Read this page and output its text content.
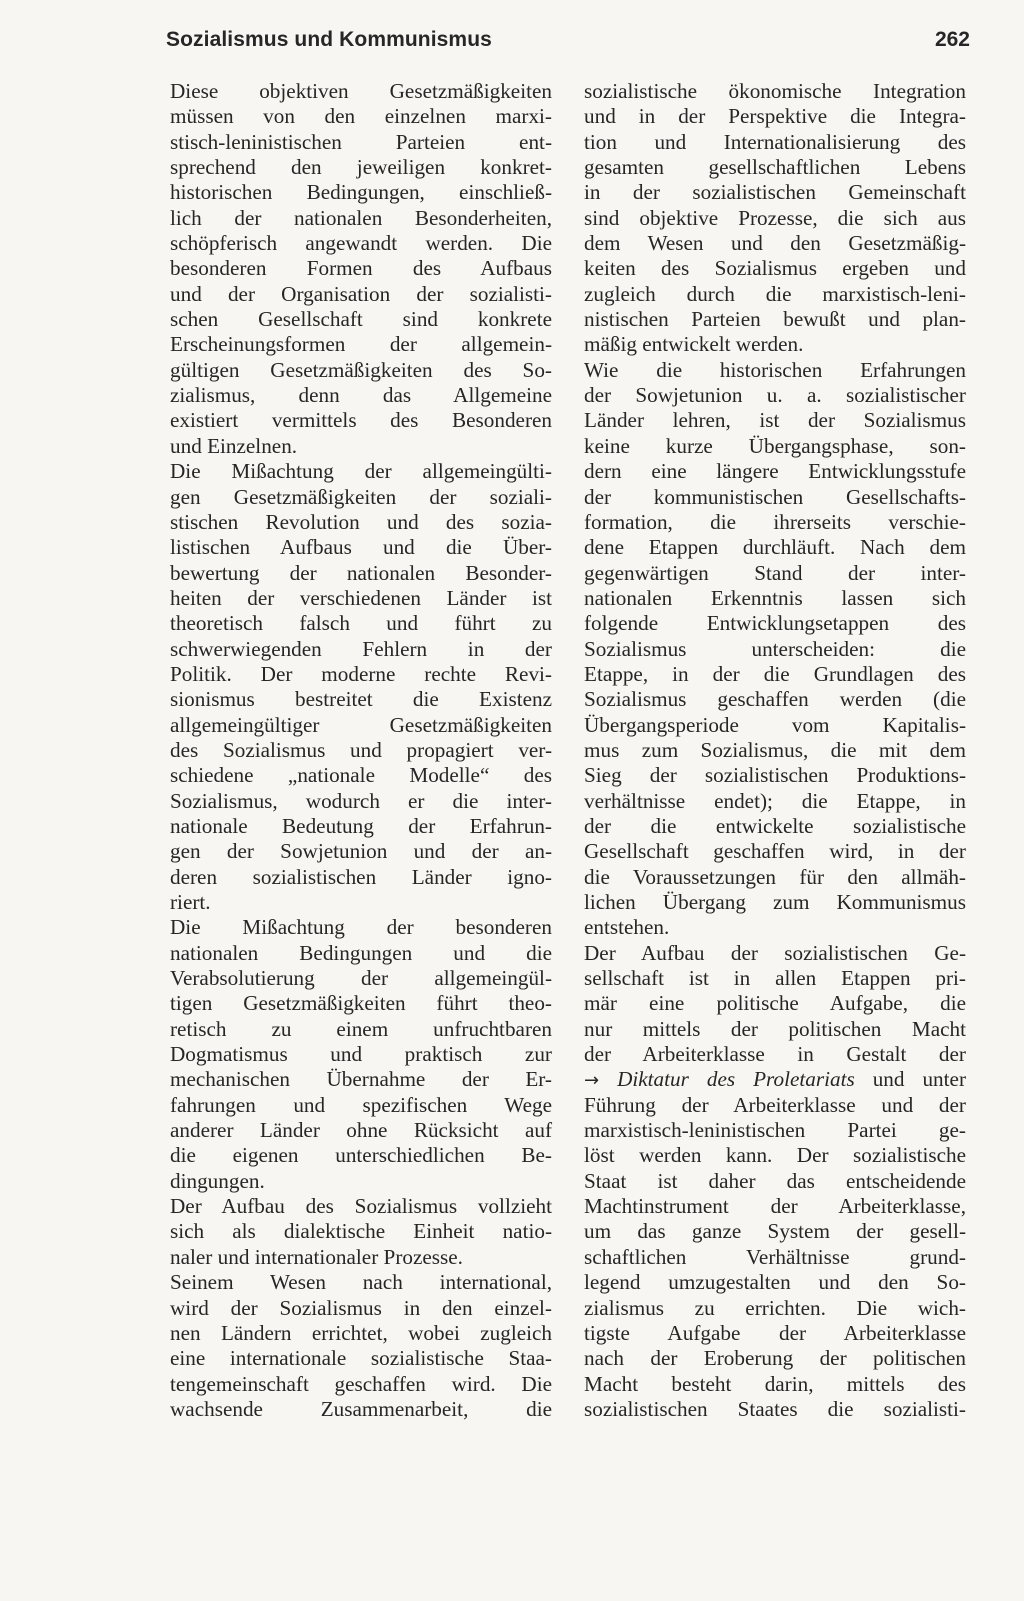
Sozialismus und Kommunismus	262
Diese objektiven Gesetzmäßigkeiten
müssen von den einzelnen marxi-
stisch-leninistischen Parteien ent-
sprechend den jeweiligen konkret-
historischen Bedingungen, einschließ-
lich der nationalen Besonderheiten,
schöpferisch angewandt werden. Die
besonderen Formen des Aufbaus
und der Organisation der sozialisti-
schen Gesellschaft sind konkrete
Erscheinungsformen der allgemein-
gültigen Gesetzmäßigkeiten des So-
zialismus, denn das Allgemeine
existiert vermittels des Besonderen
und Einzelnen.
Die Mißachtung der allgemeingülti-
gen Gesetzmäßigkeiten der soziali-
stischen Revolution und des sozia-
listischen Aufbaus und die Über-
bewertung der nationalen Besonder-
heiten der verschiedenen Länder ist
theoretisch falsch und führt zu
schwerwiegenden Fehlern in der
Politik. Der moderne rechte Revi-
sionismus bestreitet die Existenz
allgemeingültiger Gesetzmäßigkeiten
des Sozialismus und propagiert ver-
schiedene „nationale Modelle“ des
Sozialismus, wodurch er die inter-
nationale Bedeutung der Erfahrun-
gen der Sowjetunion und der an-
deren sozialistischen Länder igno-
riert.
Die Mißachtung der besonderen
nationalen Bedingungen und die
Verabsolutierung der allgemeingül-
tigen Gesetzmäßigkeiten führt theo-
retisch zu einem unfruchtbaren
Dogmatismus und praktisch zur
mechanischen Übernahme der Er-
fahrungen und spezifischen Wege
anderer Länder ohne Rücksicht auf
die eigenen unterschiedlichen Be-
dingungen.
Der Aufbau des Sozialismus vollzieht
sich als dialektische Einheit natio-
naler und internationaler Prozesse.
Seinem Wesen nach international,
wird der Sozialismus in den einzel-
nen Ländern errichtet, wobei zugleich
eine internationale sozialistische Staa-
tengemeinschaft geschaffen wird. Die
wachsende Zusammenarbeit, die
sozialistische ökonomische Integration
und in der Perspektive die Integra-
tion und Internationalisierung des
gesamten gesellschaftlichen Lebens
in der sozialistischen Gemeinschaft
sind objektive Prozesse, die sich aus
dem Wesen und den Gesetzmäßig-
keiten des Sozialismus ergeben und
zugleich durch die marxistisch-leni-
nistischen Parteien bewußt und plan-
mäßig entwickelt werden.
Wie die historischen Erfahrungen
der Sowjetunion u. a. sozialistischer
Länder lehren, ist der Sozialismus
keine kurze Übergangsphase, son-
dern eine längere Entwicklungsstufe
der kommunistischen Gesellschafts-
formation, die ihrerseits verschie-
dene Etappen durchläuft. Nach dem
gegenwärtigen Stand der inter-
nationalen Erkenntnis lassen sich
folgende Entwicklungsetappen des
Sozialismus unterscheiden: die
Etappe, in der die Grundlagen des
Sozialismus geschaffen werden (die
Übergangsperiode vom Kapitalis-
mus zum Sozialismus, die mit dem
Sieg der sozialistischen Produktions-
verhältnisse endet); die Etappe, in
der die entwickelte sozialistische
Gesellschaft geschaffen wird, in der
die Voraussetzungen für den allmäh-
lichen Übergang zum Kommunismus
entstehen.
Der Aufbau der sozialistischen Ge-
sellschaft ist in allen Etappen pri-
mär eine politische Aufgabe, die
nur mittels der politischen Macht
der Arbeiterklasse in Gestalt der
→ Diktatur des Proletariats und unter
Führung der Arbeiterklasse und der
marxistisch-leninistischen Partei ge-
löst werden kann. Der sozialistische
Staat ist daher das entscheidende
Machtinstrument der Arbeiterklasse,
um das ganze System der gesell-
schaftlichen Verhältnisse grund-
legend umzugestalten und den So-
zialismus zu errichten. Die wich-
tigste Aufgabe der Arbeiterklasse
nach der Eroberung der politischen
Macht besteht darin, mittels des
sozialistischen Staates die sozialisti-
